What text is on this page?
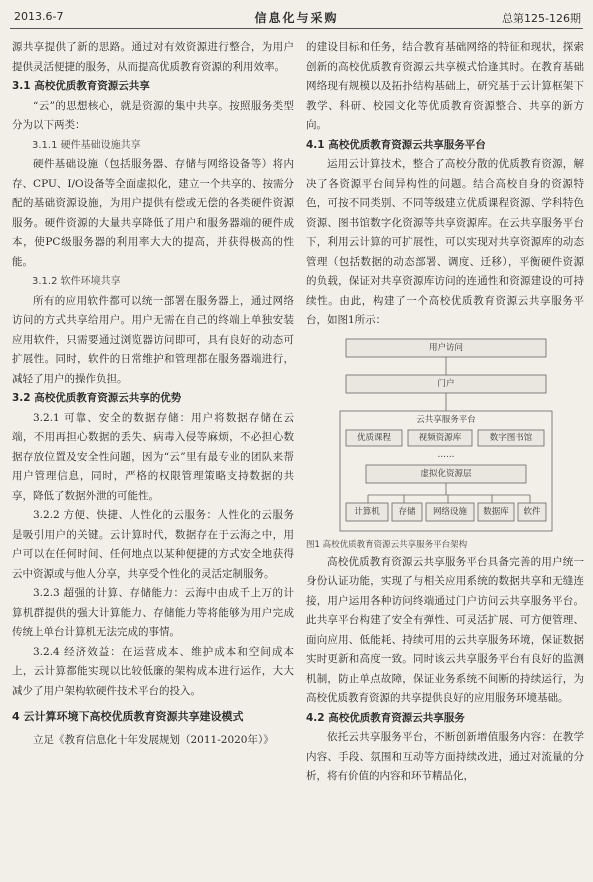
2013.6-7	信息化与采购	总第125-126期

源共享提供了新的思路。通过对有效资源进行整合，为用户提供灵活便捷的服务，从而提高优质教育资源的利用效率。

3.1 高校优质教育资源云共享

“云”的思想核心，就是资源的集中共享。按照服务类型分为以下两类：

3.1.1 硬件基础设施共享

硬件基础设施（包括服务器、存储与网络设备等）将内存、CPU、I/O设备等全面虚拟化，建立一个共享的、按需分配的基础资源设施，为用户提供有偿或无偿的各类硬件资源服务。硬件资源的大量共享降低了用户和服务器端的硬件成本，使PC级服务器的利用率大大的提高，并获得极高的性能。

3.1.2 软件环境共享

所有的应用软件都可以统一部署在服务器上，通过网络访问的方式共享给用户。用户无需在自己的终端上单独安装应用软件，只需要通过浏览器访问即可，具有良好的动态可扩展性。同时，软件的日常维护和管理都在服务器端进行，减轻了用户的操作负担。

3.2 高校优质教育资源云共享的优势

3.2.1 可靠、安全的数据存储：用户将数据存储在云端，不用再担心数据的丢失、病毒入侵等麻烦，不必担心数据存放位置及安全性问题，因为“云”里有最专业的团队来帮用户管理信息，同时，严格的权限管理策略支持数据的共享，降低了数据外泄的可能性。

3.2.2 方便、快捷、人性化的云服务：人性化的云服务是吸引用户的关键。云计算时代，数据存在于云海之中，用户可以在任何时间、任何地点以某种便捷的方式安全地获得云中资源或与他人分享，共享受个性化的灵活定制服务。

3.2.3 超强的计算、存储能力：云海中由成千上万的计算机群提供的强大计算能力、存储能力等将能够为用户完成传统上单台计算机无法完成的事情。

3.2.4 经济效益：在运营成本、维护成本和空间成本上，云计算都能实现以比较低廉的架构成本进行运作，大大减少了用户架构软硬件技术平台的投入。

4 云计算环境下高校优质教育资源共享建设模式

立足《教育信息化十年发展规划（2011-2020年）》

的建设目标和任务，结合教育基础网络的特征和现状，探索创新的高校优质教育资源云共享模式恰逢其时。在教育基础网络现有规模以及拓扑结构基础上，研究基于云计算框架下教学、科研、校园文化等优质教育资源整合、共享的新方向。

4.1 高校优质教育资源云共享服务平台

运用云计算技术，整合了高校分散的优质教育资源，解决了各资源平台间异构性的问题。结合高校自身的资源特色，可按不同类别、不同等级建立优质课程资源、学科特色资源、图书馆数字化资源等共享资源库。在云共享服务平台下，利用云计算的可扩展性，可以实现对共享资源库的动态管理（包括数据的动态部署、调度、迁移），平衡硬件资源的负载，保证对共享资源库访问的连通性和资源建设的可持续性。由此，构建了一个高校优质教育资源云共享服务平台，如图1所示：

用户访问
门户
云共享服务平台
优质课程	视频资源库	数字图书馆
……
虚拟化资源层
计算机	存储	网络设施	数据库	软件

图1 高校优质教育资源云共享服务平台架构

高校优质教育资源云共享服务平台具备完善的用户统一身份认证功能，实现了与相关应用系统的数据共享和无缝连接，用户运用各种访问终端通过门户访问云共享服务平台。此共享平台构建了安全有弹性、可灵活扩展、可方便管理、面向应用、低能耗、持续可用的云共享服务环境，保证数据实时更新和高度一致。同时该云共享服务平台有良好的监测机制，防止单点故障，保证业务系统不间断的持续运行，为高校优质教育资源的共享提供良好的应用服务环境基础。

4.2 高校优质教育资源云共享服务

依托云共享服务平台，不断创新增值服务内容：在教学内容、手段、氛围和互动等方面持续改进，通过对流量的分析，将有价值的内容和环节精品化，
